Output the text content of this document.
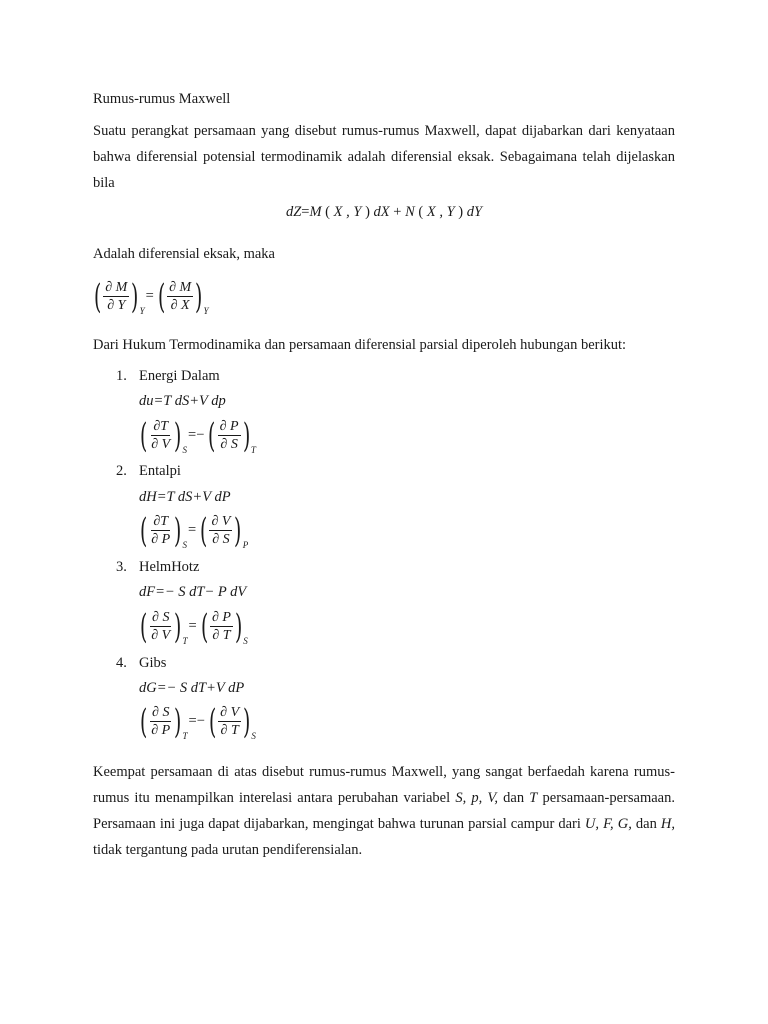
Rumus-rumus Maxwell

Suatu perangkat persamaan yang disebut rumus-rumus Maxwell, dapat dijabarkan dari kenyataan bahwa diferensial potensial termodinamik adalah diferensial eksak. Sebagaimana telah dijelaskan bila

dZ=M ( X , Y ) dX + N ( X , Y ) dY

Adalah diferensial eksak, maka

( $\frac{\partial M}{\partial Y}$ ) Y
= ( $\frac{\partial M}{\partial X}$ ) Y

Dari Hukum Termodinamika dan persamaan diferensial parsial diperoleh hubungan berikut:

1. Energi Dalam
du=T dS+V dp
( $\frac{\partial T}{\partial V}$ ) S
=− ( $\frac{\partial P}{\partial S}$ ) T
2. Entalpi
dH=T dS+V dP
( $\frac{\partial T}{\partial P}$ ) S
= ( $\frac{\partial V}{\partial S}$ ) P
3. HelmHotz
dF=− S dT− P dV
( $\frac{\partial S}{\partial V}$ ) T
= ( $\frac{\partial P}{\partial T}$ ) S
4. Gibs
dG=− S dT+V dP
( $\frac{\partial S}{\partial P}$ ) T
=− ( $\frac{\partial V}{\partial T}$ ) S

Keempat persamaan di atas disebut rumus-rumus Maxwell, yang sangat berfaedah karena rumus-rumus itu menampilkan interelasi antara perubahan variabel S, p, V, dan T persamaan-persamaan. Persamaan ini juga dapat dijabarkan, mengingat bahwa turunan parsial campur dari U, F, G, dan H, tidak tergantung pada urutan pendiferensialan.
